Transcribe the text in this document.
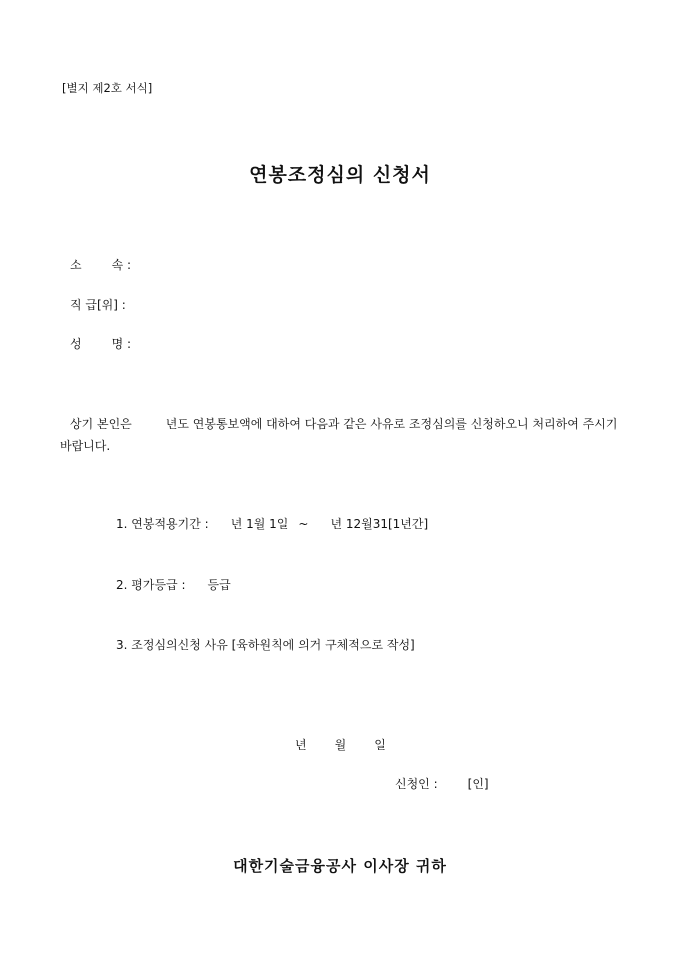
[별지 제2호 서식]
연봉조정심의 신청서
소	속 :
직 급[위] :
성	명 :
상기 본인은	년도 연봉통보액에 대하여 다음과 같은 사유로 조정심의를 신청하오니 처리하여 주시기 바랍니다.
1. 연봉적용기간 : 년 1월 1일 ~ 년 12월31[1년간]
2. 평가등급 : 등급
3. 조정심의신청 사유 [육하원칙에 의거 구체적으로 작성]
년 월 일
신청인 :	[인]
대한기술금융공사 이사장 귀하
